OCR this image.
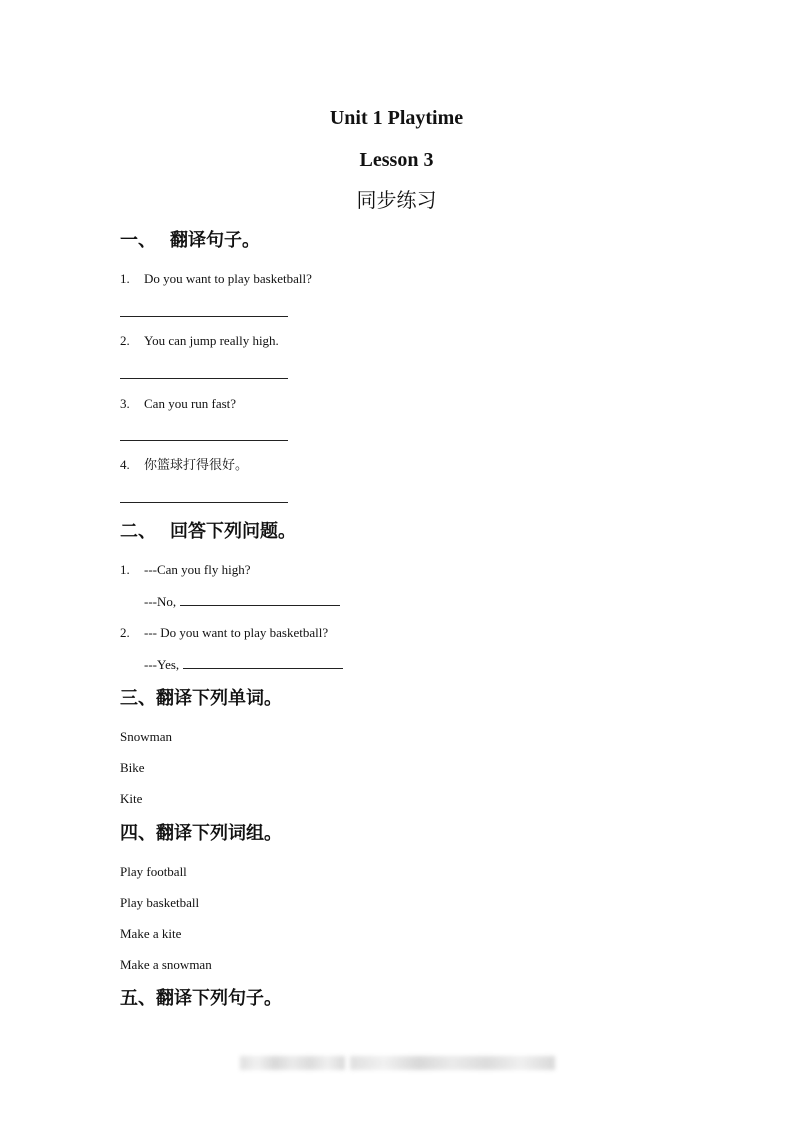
Unit 1 Playtime
Lesson 3
同步练习
一、 翻译句子。
1. Do you want to play basketball?
2. You can jump really high.
3. Can you run fast?
4. 你篮球打得很好。
二、 回答下列问题。
1. ---Can you fly high?
---No,
2. --- Do you want to play basketball?
---Yes,
三、翻译下列单词。
Snowman
Bike
Kite
四、翻译下列词组。
Play football
Play basketball
Make a kite
Make a snowman
五、翻译下列句子。
